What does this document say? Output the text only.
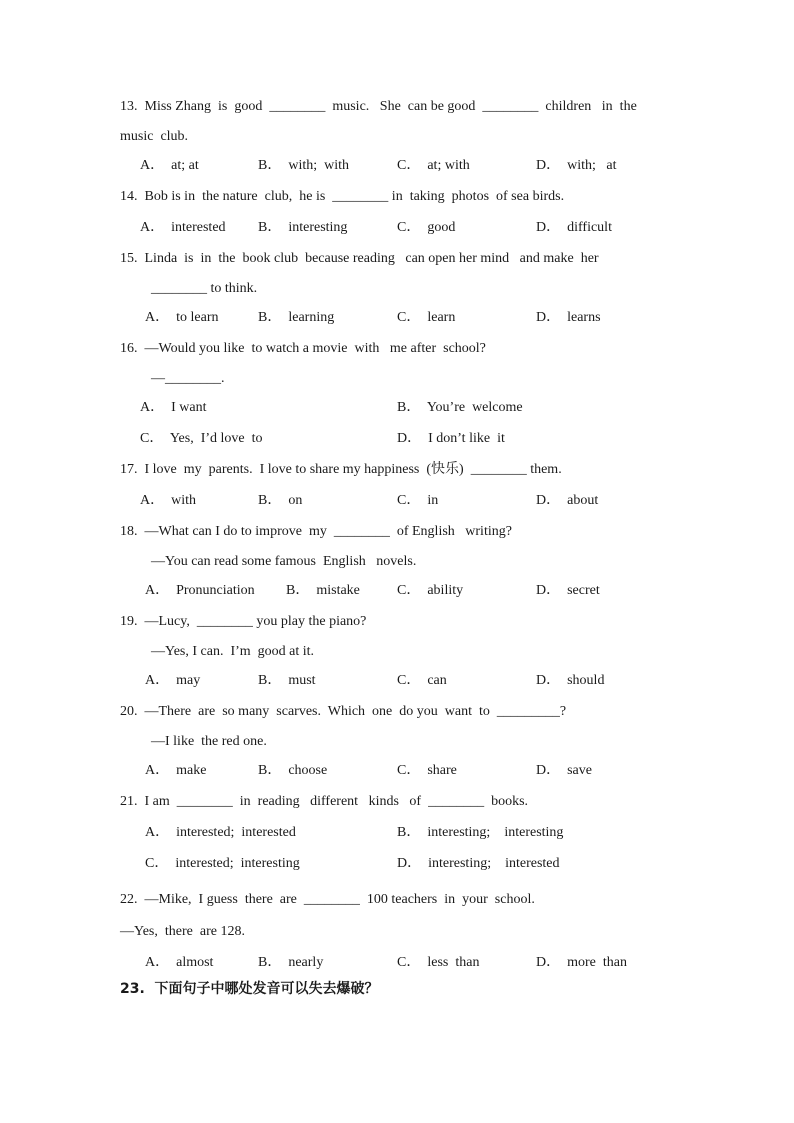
13.  Miss Zhang  is  good  ________  music.   She  can be good  ________  children   in  the
music  club.
A．  at; at	B．  with;  with	C．  at; with	D．  with;   at
14.  Bob is in  the nature  club,  he is  ________ in  taking  photos  of sea birds.
A．  interested B．  interesting	C．  good	D．  difficult
15.  Linda  is  in  the  book club  because reading   can open her mind   and make  her
________ to think.
A．  to learn	B．  learning	C．  learn	D．  learns
16.  —Would you like  to watch a movie  with   me after  school?
—________.
A．  I want	B．  You’re  welcome
C．  Yes,  I’d love  to	D．  I don’t like  it
17.  I love  my  parents.  I love to share my happiness  (快乐)  ________ them.
A．  with	B．  on	C．  in	D．  about
18.  —What can I do to improve  my  ________  of English   writing?
—You can read some famous  English   novels.
A．  Pronunciation B．  mistake	C．  ability	D．  secret
19.  —Lucy,  ________ you play the piano?
—Yes, I can.  I’m  good at it.
A．  may	B．  must	C．  can	D．  should
20.  —There  are  so many  scarves.  Which  one  do you  want  to  _________?
—I like  the red one.
A．  make	B．  choose	C．  share	D．  save
21.  I am  ________  in  reading   different   kinds   of  ________  books.
A．  interested;  interested	B．  interesting;    interesting
C．  interested;  interesting	D．  interesting;    interested
22.  —Mike,  I guess  there  are  ________  100 teachers  in  your  school.
—Yes,  there  are 128.
A．  almost	B．  nearly	C．  less  than	D．  more  than
23.  下面句子中哪处发音可以失去爆破？
